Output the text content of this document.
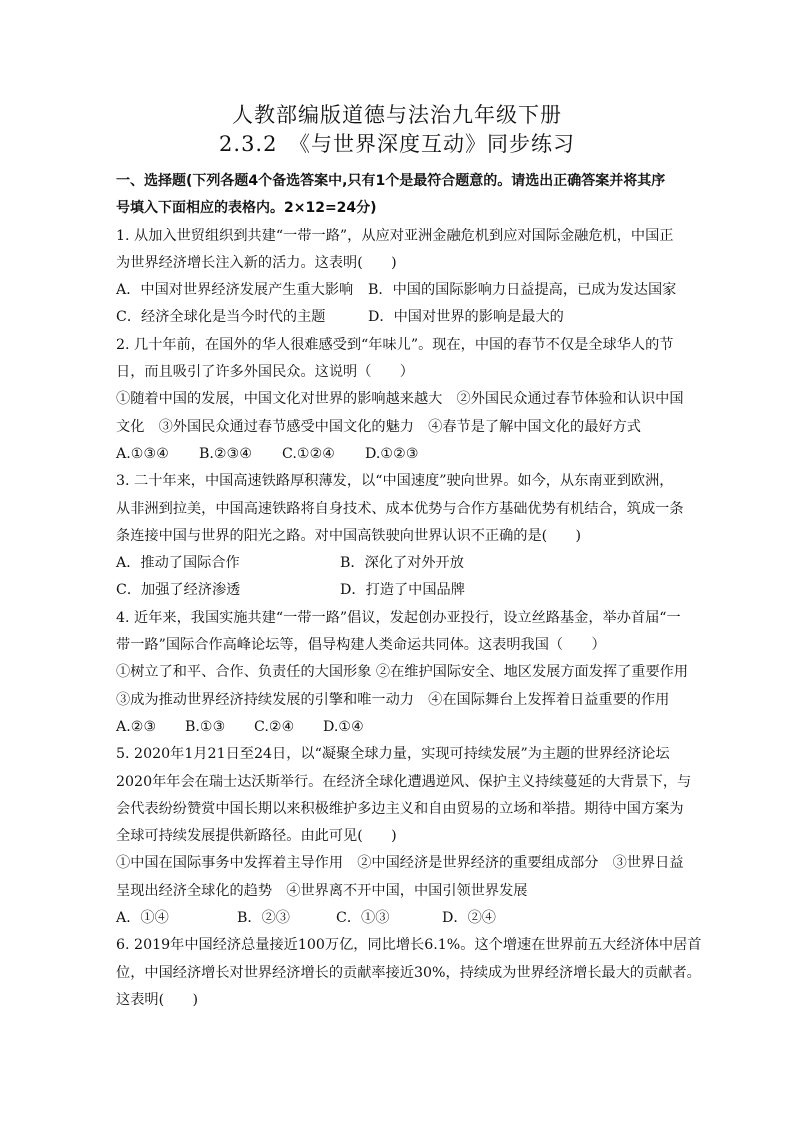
人教部编版道德与法治九年级下册
2.3.2　《与世界深度互动》同步练习
一、选择题(下列各题4个备选答案中,只有1个是最符合题意的。请选出正确答案并将其序
号填入下面相应的表格内。2×12=24分)
1. 从加入世贸组织到共建“一带一路”，从应对亚洲金融危机到应对国际金融危机，中国正
为世界经济增长注入新的活力。这表明(　　)
A．中国对世界经济发展产生重大影响 B．中国的国际影响力日益提高，已成为发达国家
C．经济全球化是当今时代的主题	D．中国对世界的影响是最大的
2. 几十年前，在国外的华人很难感受到“年味儿”。现在，中国的春节不仅是全球华人的节
日，而且吸引了许多外国民众。这说明（　　）
①随着中国的发展，中国文化对世界的影响越来越大　②外国民众通过春节体验和认识中国
文化　③外国民众通过春节感受中国文化的魅力　④春节是了解中国文化的最好方式
A.①③④ B.②③④ C.①②④ D.①②③
3. 二十年来，中国高速铁路厚积薄发，以“中国速度”驶向世界。如今，从东南亚到欧洲，
从非洲到拉美，中国高速铁路将自身技术、成本优势与合作方基础优势有机结合，筑成一条
条连接中国与世界的阳光之路。对中国高铁驶向世界认识不正确的是(　　)
A．推动了国际合作	B．深化了对外开放
C．加强了经济渗透	D．打造了中国品牌
4. 近年来，我国实施共建“一带一路”倡议，发起创办亚投行，设立丝路基金，举办首届“一
带一路”国际合作高峰论坛等，倡导构建人类命运共同体。这表明我国（　　）
①树立了和平、合作、负责任的大国形象 ②在维护国际安全、地区发展方面发挥了重要作用
③成为推动世界经济持续发展的引擎和唯一动力　④在国际舞台上发挥着日益重要的作用
A.②③ B.①③ C.②④ D.①④
5. 2020年1月21日至24日，以“凝聚全球力量，实现可持续发展”为主题的世界经济论坛
2020年年会在瑞士达沃斯举行。在经济全球化遭遇逆风、保护主义持续蔓延的大背景下，与
会代表纷纷赞赏中国长期以来积极维护多边主义和自由贸易的立场和举措。期待中国方案为
全球可持续发展提供新路径。由此可见(　　)
①中国在国际事务中发挥着主导作用　②中国经济是世界经济的重要组成部分　③世界日益
呈现出经济全球化的趋势　④世界离不开中国，中国引领世界发展
A．①④	B．②③	C．①③	D．②④
6. 2019年中国经济总量接近100万亿，同比增长6.1%。这个增速在世界前五大经济体中居首
位，中国经济增长对世界经济增长的贡献率接近30%，持续成为世界经济增长最大的贡献者。
这表明(　　)
